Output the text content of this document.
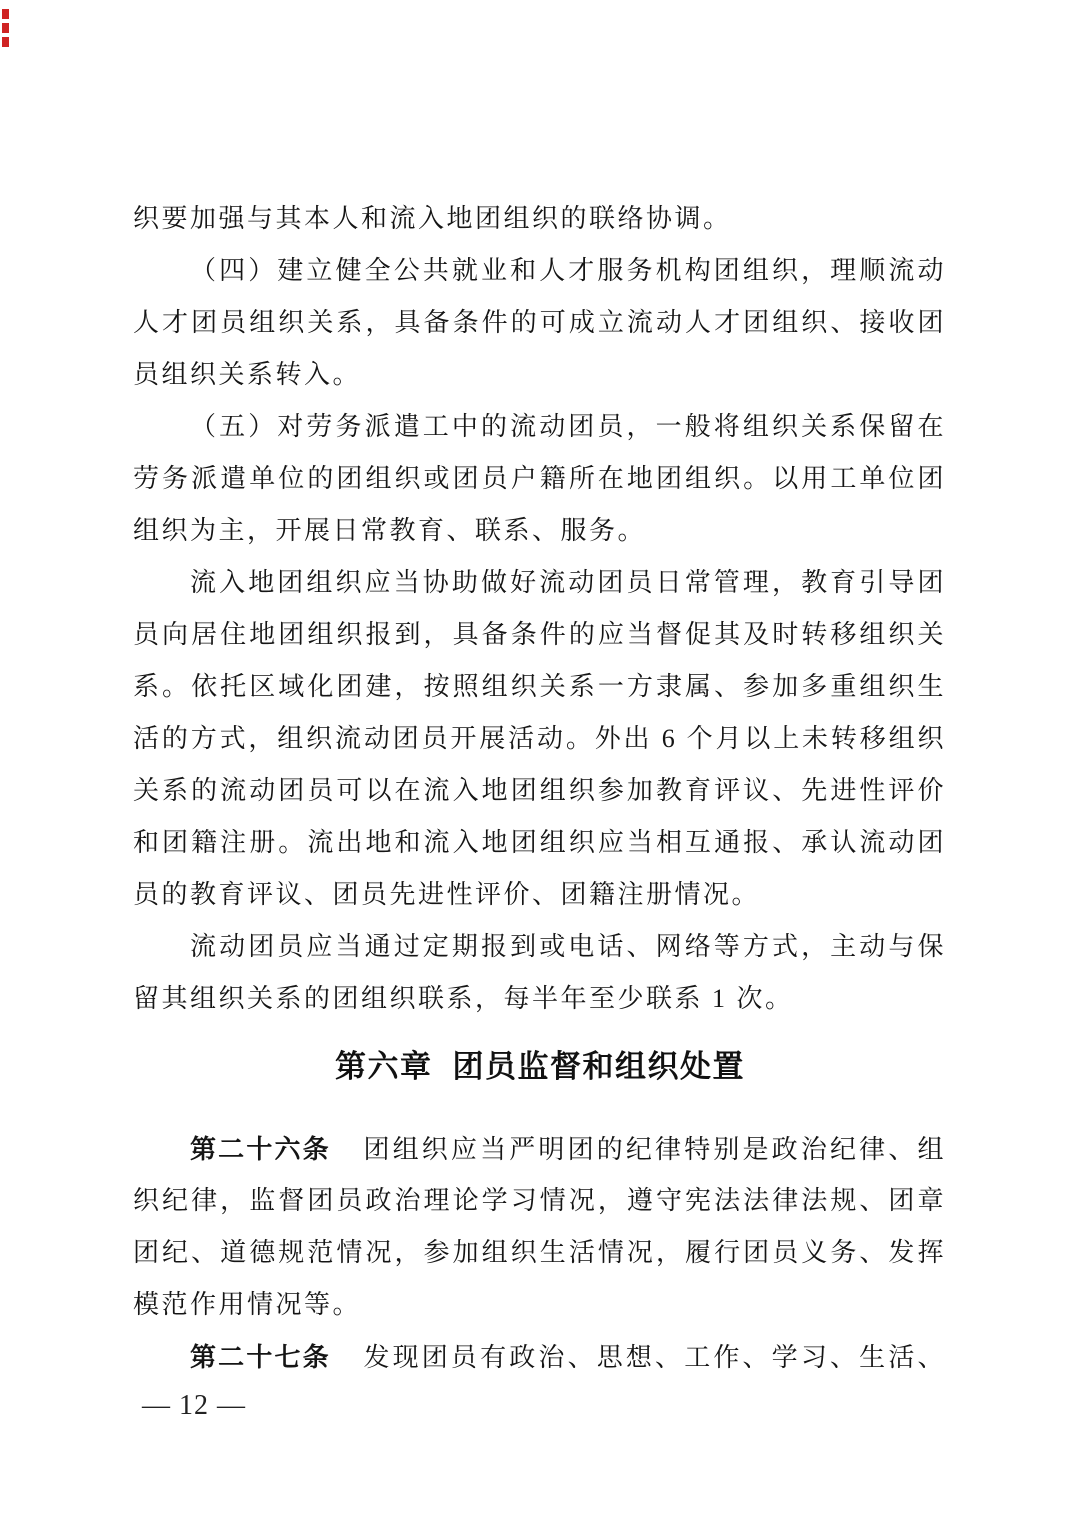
织要加强与其本人和流入地团组织的联络协调。
（四）建立健全公共就业和人才服务机构团组织，理顺流动
人才团员组织关系，具备条件的可成立流动人才团组织、接收团
员组织关系转入。
（五）对劳务派遣工中的流动团员，一般将组织关系保留在
劳务派遣单位的团组织或团员户籍所在地团组织。以用工单位团
组织为主，开展日常教育、联系、服务。
流入地团组织应当协助做好流动团员日常管理，教育引导团
员向居住地团组织报到，具备条件的应当督促其及时转移组织关
系。依托区域化团建，按照组织关系一方隶属、参加多重组织生
活的方式，组织流动团员开展活动。外出 6 个月以上未转移组织
关系的流动团员可以在流入地团组织参加教育评议、先进性评价
和团籍注册。流出地和流入地团组织应当相互通报、承认流动团
员的教育评议、团员先进性评价、团籍注册情况。
流动团员应当通过定期报到或电话、网络等方式，主动与保
留其组织关系的团组织联系，每半年至少联系 1 次。
第六章 团员监督和组织处置
第二十六条 团组织应当严明团的纪律特别是政治纪律、组
织纪律，监督团员政治理论学习情况，遵守宪法法律法规、团章
团纪、道德规范情况，参加组织生活情况，履行团员义务、发挥
模范作用情况等。
第二十七条 发现团员有政治、思想、工作、学习、生活、
— 12 —
